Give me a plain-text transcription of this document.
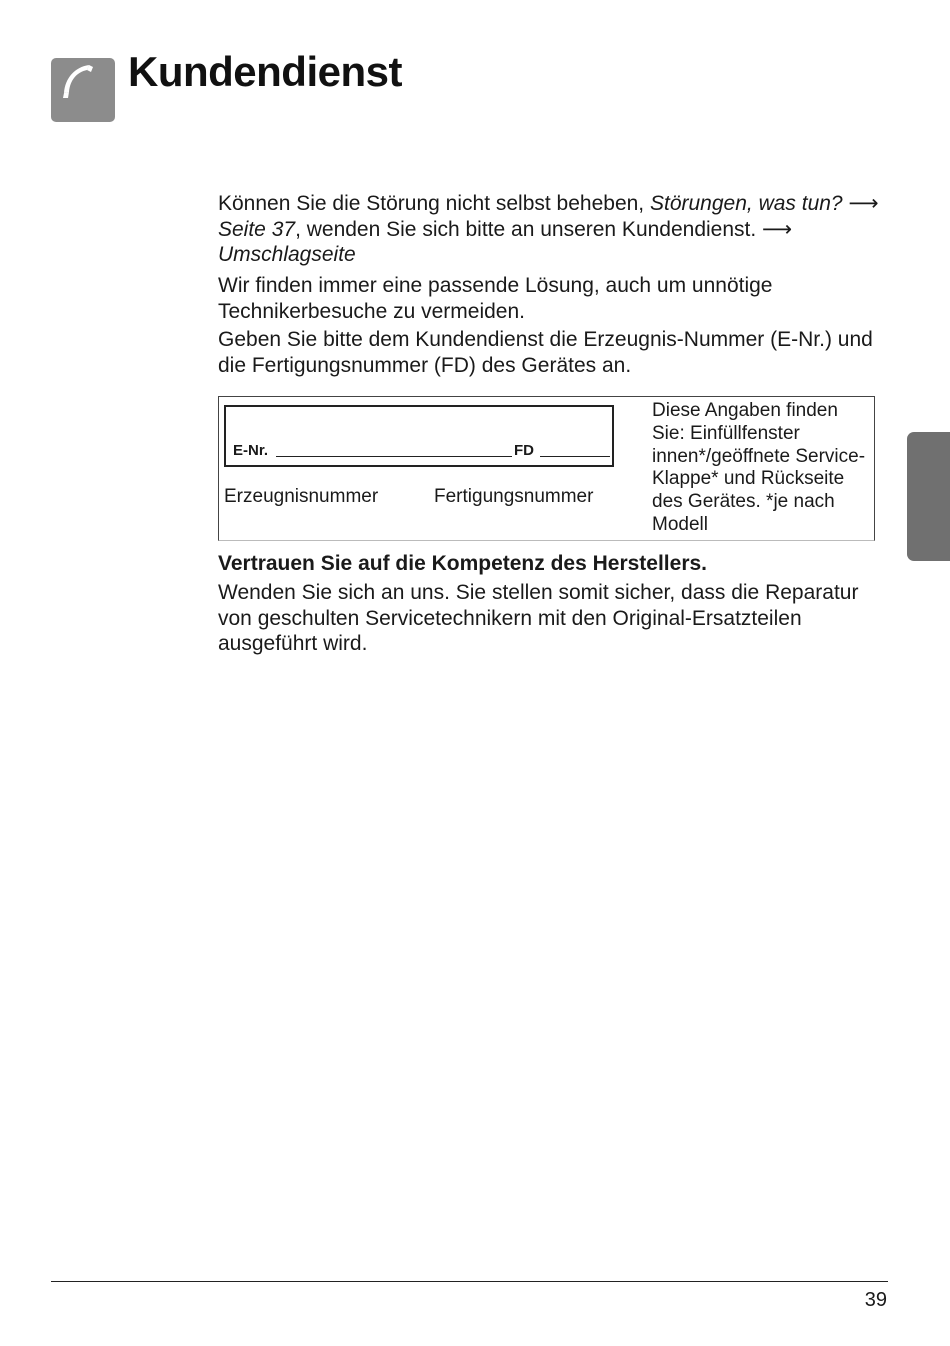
Kundendienst

Können Sie die Störung nicht selbst beheben, Störungen, was tun? ⟶ Seite 37, wenden Sie sich bitte an unseren Kundendienst. ⟶ Umschlagseite

Wir finden immer eine passende Lösung, auch um unnötige Technikerbesuche zu vermeiden.

Geben Sie bitte dem Kundendienst die Erzeugnis-Nummer (E-Nr.) und die Fertigungsnummer (FD) des Gerätes an.

E-Nr.	FD
Erzeugnisnummer	Fertigungsnummer
Diese Angaben finden Sie: Einfüllfenster innen*/geöffnete Service-Klappe* und Rückseite des Gerätes. *je nach Modell
Vertrauen Sie auf die Kompetenz des Herstellers.

Wenden Sie sich an uns. Sie stellen somit sicher, dass die Reparatur von geschulten Servicetechnikern mit den Original-Ersatzteilen ausgeführt wird.

39
